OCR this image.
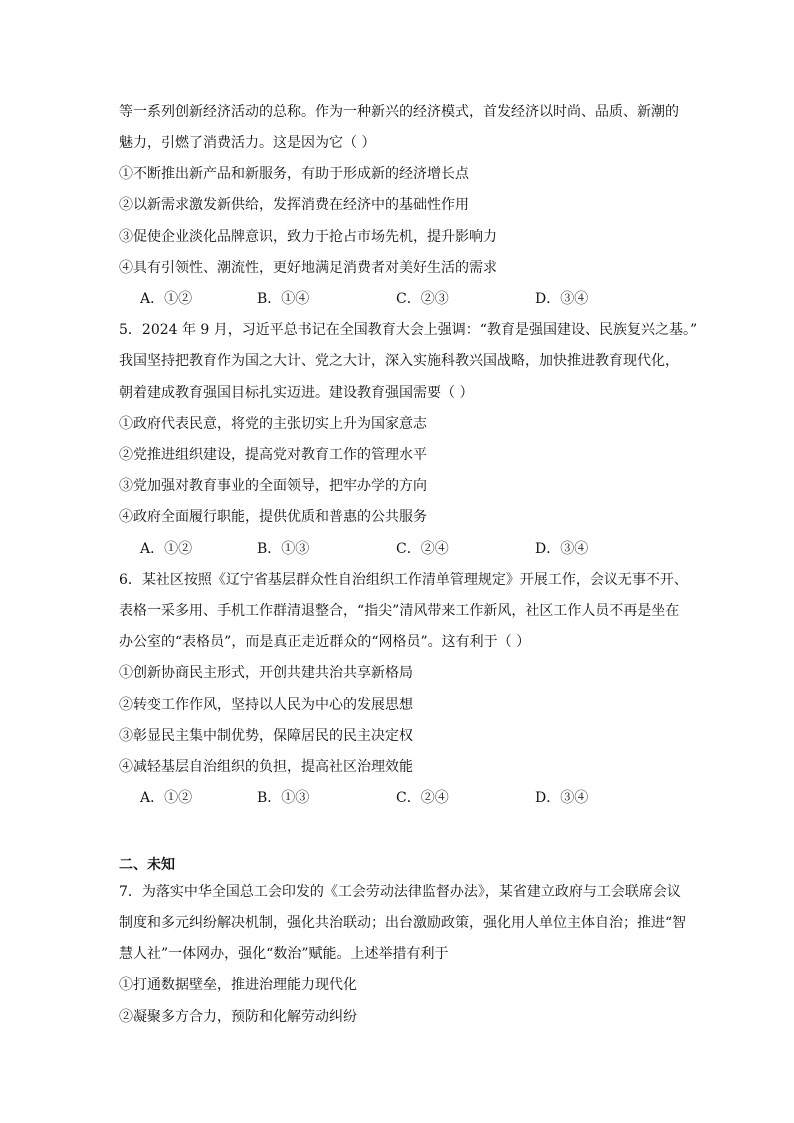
等一系列创新经济活动的总称。作为一种新兴的经济模式，首发经济以时尚、品质、新潮的
魅力，引燃了消费活力。这是因为它（ ）
①不断推出新产品和新服务，有助于形成新的经济增长点
②以新需求激发新供给，发挥消费在经济中的基础性作用
③促使企业淡化品牌意识，致力于抢占市场先机，提升影响力
④具有引领性、潮流性，更好地满足消费者对美好生活的需求
A．①②	B．①④	C．②③	D．③④
5．2024 年 9 月，习近平总书记在全国教育大会上强调：“教育是强国建设、民族复兴之基。”
我国坚持把教育作为国之大计、党之大计，深入实施科教兴国战略，加快推进教育现代化，
朝着建成教育强国目标扎实迈进。建设教育强国需要（ ）
①政府代表民意，将党的主张切实上升为国家意志
②党推进组织建设，提高党对教育工作的管理水平
③党加强对教育事业的全面领导，把牢办学的方向
④政府全面履行职能，提供优质和普惠的公共服务
A．①②	B．①③	C．②④	D．③④
6．某社区按照《辽宁省基层群众性自治组织工作清单管理规定》开展工作，会议无事不开、
表格一采多用、手机工作群清退整合，“指尖”清风带来工作新风，社区工作人员不再是坐在
办公室的“表格员”，而是真正走近群众的“网格员”。这有利于（ ）
①创新协商民主形式，开创共建共治共享新格局
②转变工作作风，坚持以人民为中心的发展思想
③彰显民主集中制优势，保障居民的民主决定权
④减轻基层自治组织的负担，提高社区治理效能
A．①②	B．①③	C．②④	D．③④
二、未知
7．为落实中华全国总工会印发的《工会劳动法律监督办法》，某省建立政府与工会联席会议
制度和多元纠纷解决机制，强化共治联动；出台激励政策，强化用人单位主体自治；推进“智
慧人社”一体网办，强化“数治”赋能。上述举措有利于
①打通数据壁垒，推进治理能力现代化
②凝聚多方合力，预防和化解劳动纠纷
